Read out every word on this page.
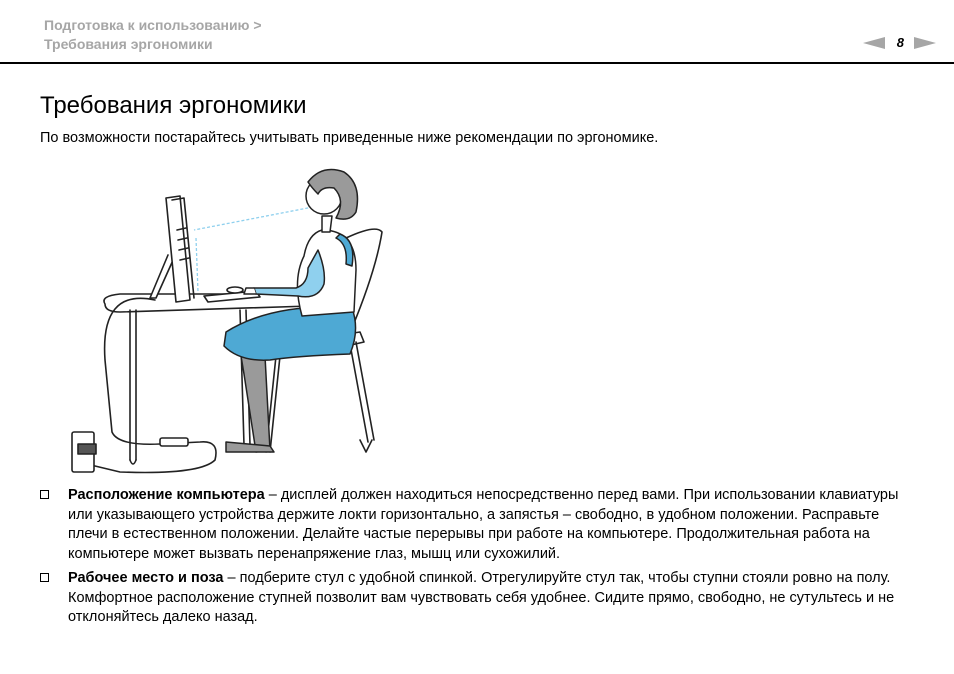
Подготовка к использованию >
Требования эргономики	8
Требования эргономики
По возможности постарайтесь учитывать приведенные ниже рекомендации по эргономике.
Расположение компьютера – дисплей должен находиться непосредственно перед вами. При использовании клавиатуры или указывающего устройства держите локти горизонтально, а запястья – свободно, в удобном положении. Расправьте плечи в естественном положении. Делайте частые перерывы при работе на компьютере. Продолжительная работа на компьютере может вызвать перенапряжение глаз, мышц или сухожилий.
Рабочее место и поза – подберите стул с удобной спинкой. Отрегулируйте стул так, чтобы ступни стояли ровно на полу. Комфортное расположение ступней позволит вам чувствовать себя удобнее. Сидите прямо, свободно, не сутультесь и не отклоняйтесь далеко назад.
